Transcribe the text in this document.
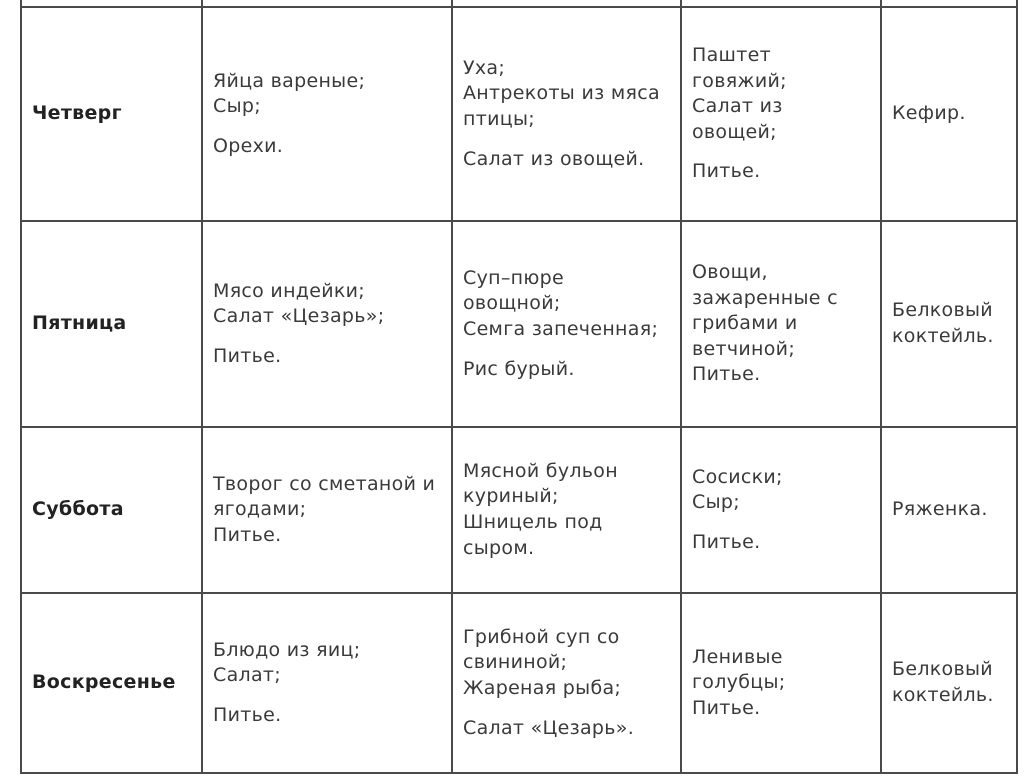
Четверг	Яйца вареные;
Сыр;
Орехи.	Уха;
Антрекоты из мяса
птицы;
Салат из овощей.	Паштет
говяжий;
Салат из
овощей;
Питье.	Кефир.

Пятница	Мясо индейки;
Салат «Цезарь»;
Питье.	Суп–пюре
овощной;
Семга запеченная;
Рис бурый.	Овощи,
зажаренные с
грибами и
ветчиной;
Питье.	Белковый
коктейль.

Суббота	Творог со сметаной и
ягодами;
Питье.	Мясной бульон
куриный;
Шницель под
сыром.	Сосиски;
Сыр;
Питье.	Ряженка.

Воскресенье	Блюдо из яиц;
Салат;
Питье.	Грибной суп со
свининой;
Жареная рыба;
Салат «Цезарь».	Ленивые
голубцы;
Питье.	Белковый
коктейль.
